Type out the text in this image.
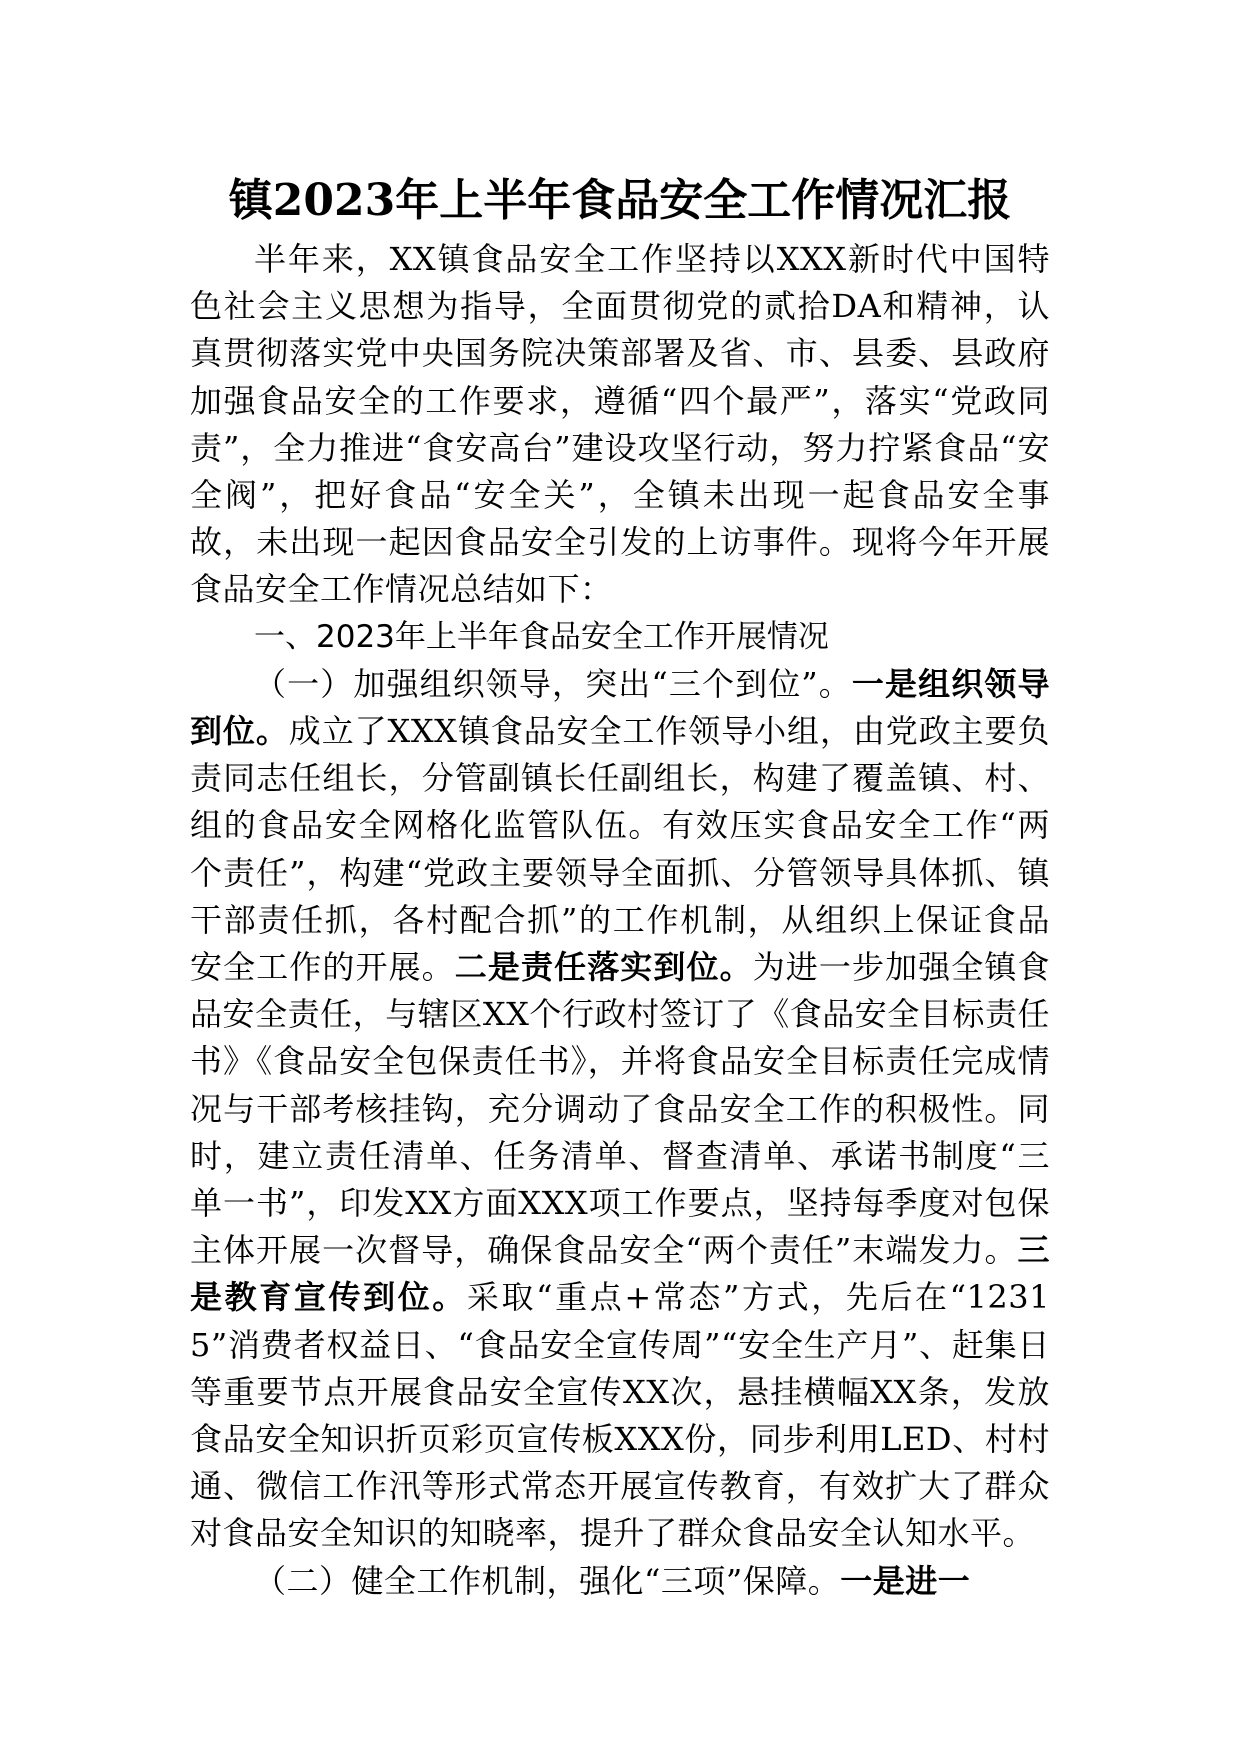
镇2023年上半年食品安全工作情况汇报

半年来，XX镇食品安全工作坚持以XXX新时代中国特色社会主义思想为指导，全面贯彻党的贰拾DA和精神，认真贯彻落实党中央国务院决策部署及省、市、县委、县政府加强食品安全的工作要求，遵循“四个最严”，落实“党政同责”，全力推进“食安高台”建设攻坚行动，努力拧紧食品“安全阀”，把好食品“安全关”，全镇未出现一起食品安全事故，未出现一起因食品安全引发的上访事件。现将今年开展食品安全工作情况总结如下：

一、2023年上半年食品安全工作开展情况

（一）加强组织领导，突出“三个到位”。一是组织领导到位。成立了XXX镇食品安全工作领导小组，由党政主要负责同志任组长，分管副镇长任副组长，构建了覆盖镇、村、组的食品安全网格化监管队伍。有效压实食品安全工作“两个责任”，构建“党政主要领导全面抓、分管领导具体抓、镇干部责任抓，各村配合抓”的工作机制，从组织上保证食品安全工作的开展。二是责任落实到位。为进一步加强全镇食品安全责任，与辖区XX个行政村签订了《食品安全目标责任书》《食品安全包保责任书》，并将食品安全目标责任完成情况与干部考核挂钩，充分调动了食品安全工作的积极性。同时，建立责任清单、任务清单、督查清单、承诺书制度“三单一书”，印发XX方面XXX项工作要点，坚持每季度对包保主体开展一次督导，确保食品安全“两个责任”末端发力。三是教育宣传到位。采取“重点+常态”方式，先后在“12315”消费者权益日、“食品安全宣传周”“安全生产月”、赶集日等重要节点开展食品安全宣传XX次，悬挂横幅XX条，发放食品安全知识折页彩页宣传板XXX份，同步利用LED、村村通、微信工作汛等形式常态开展宣传教育，有效扩大了群众对食品安全知识的知晓率，提升了群众食品安全认知水平。

（二）健全工作机制，强化“三项”保障。一是进一
